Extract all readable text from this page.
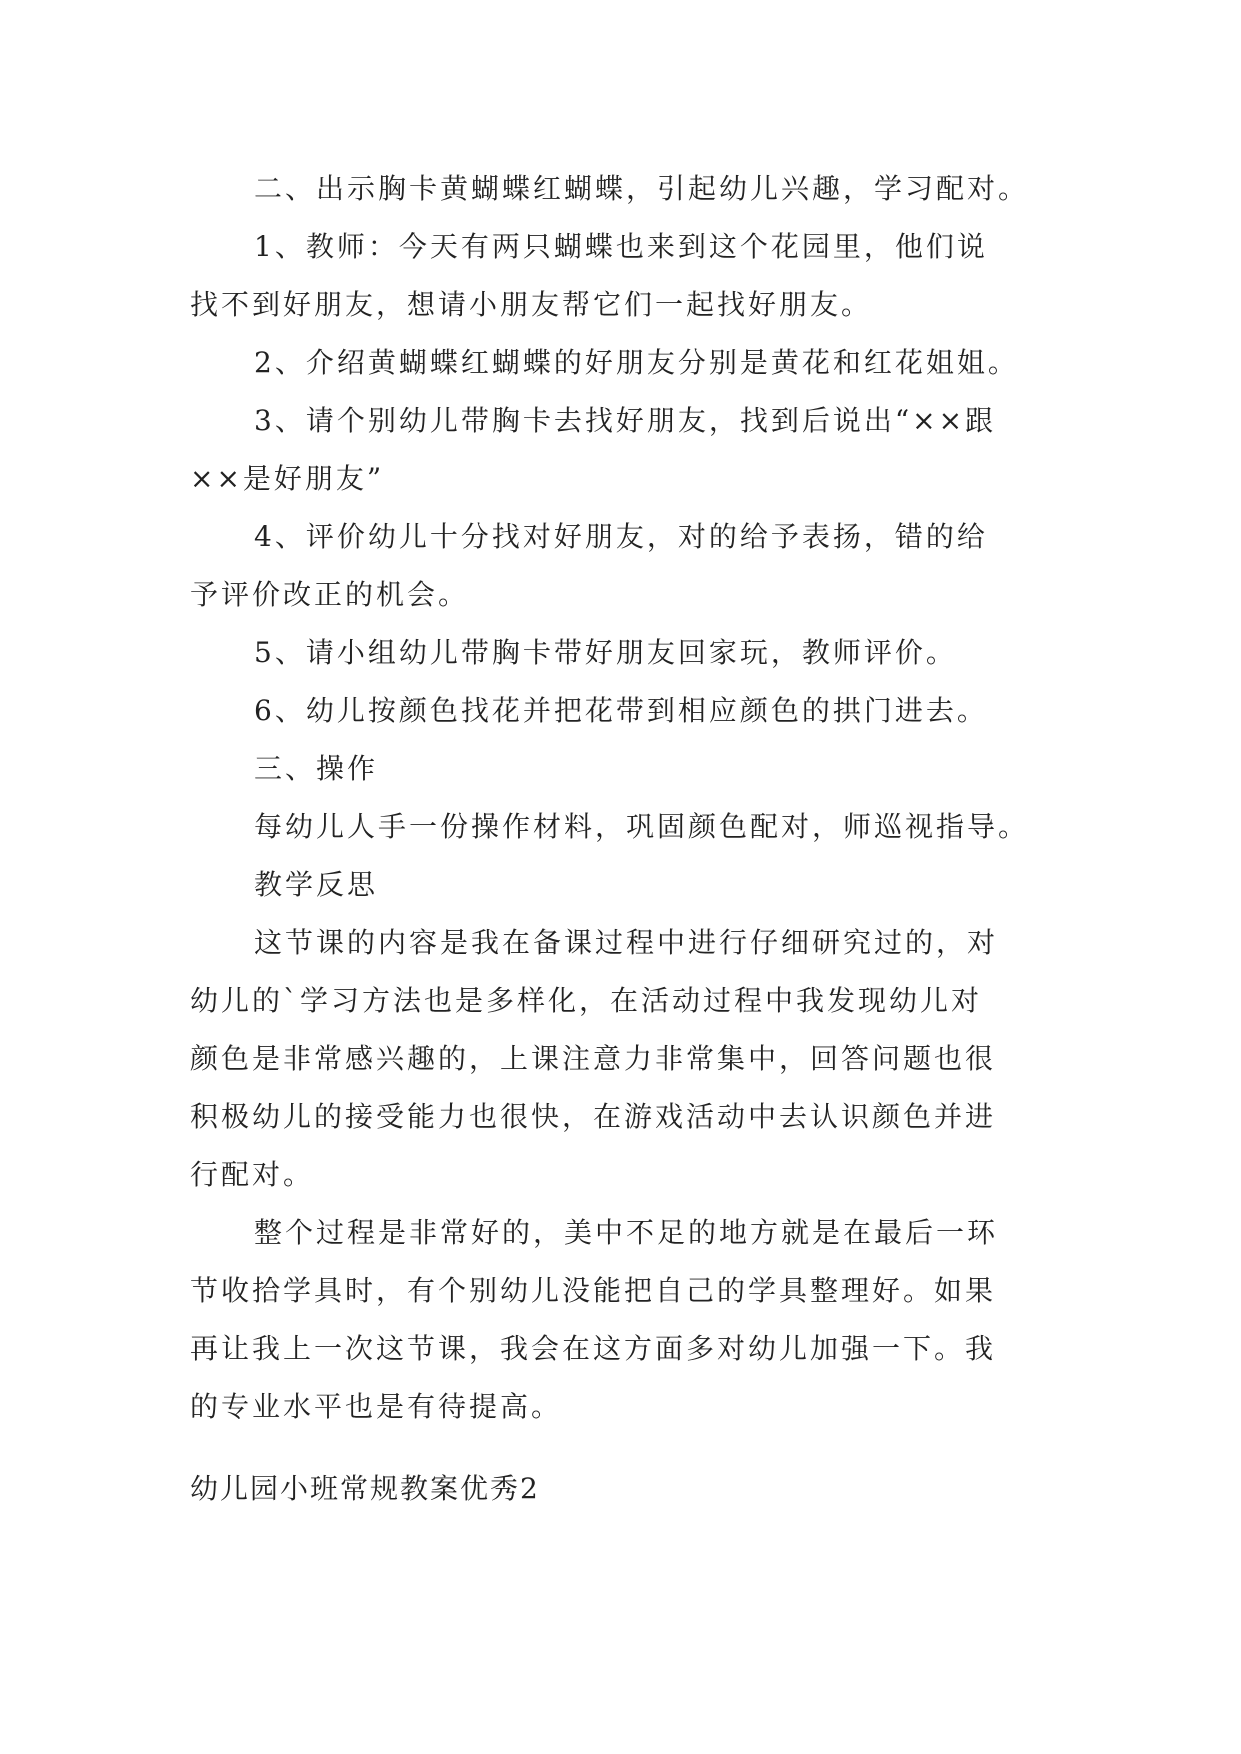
二、出示胸卡黄蝴蝶红蝴蝶，引起幼儿兴趣，学习配对。

1、教师：今天有两只蝴蝶也来到这个花园里，他们说

找不到好朋友，想请小朋友帮它们一起找好朋友。

2、介绍黄蝴蝶红蝴蝶的好朋友分别是黄花和红花姐姐。

3、请个别幼儿带胸卡去找好朋友，找到后说出“××跟

××是好朋友”

4、评价幼儿十分找对好朋友，对的给予表扬，错的给

予评价改正的机会。

5、请小组幼儿带胸卡带好朋友回家玩，教师评价。

6、幼儿按颜色找花并把花带到相应颜色的拱门进去。

三、操作

每幼儿人手一份操作材料，巩固颜色配对，师巡视指导。

教学反思

这节课的内容是我在备课过程中进行仔细研究过的，对

幼儿的`学习方法也是多样化，在活动过程中我发现幼儿对

颜色是非常感兴趣的，上课注意力非常集中，回答问题也很

积极幼儿的接受能力也很快，在游戏活动中去认识颜色并进

行配对。

整个过程是非常好的，美中不足的地方就是在最后一环

节收拾学具时，有个别幼儿没能把自己的学具整理好。如果

再让我上一次这节课，我会在这方面多对幼儿加强一下。我

的专业水平也是有待提高。

幼儿园小班常规教案优秀2
